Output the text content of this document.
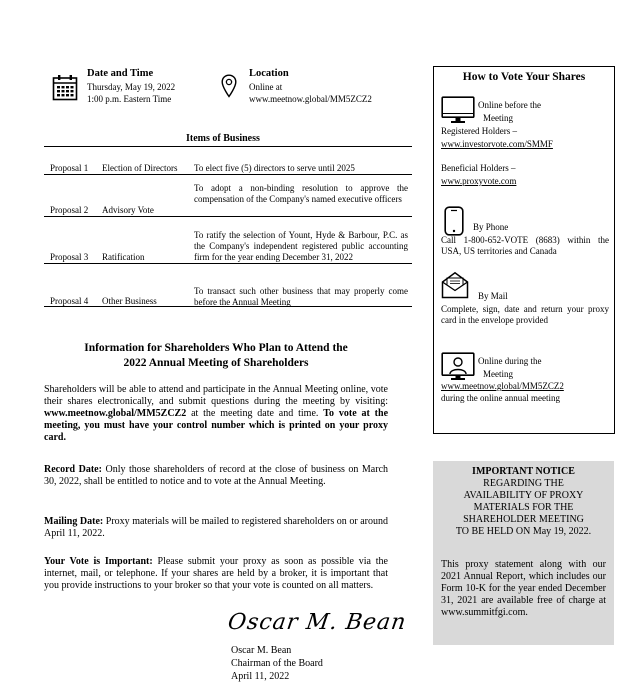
Date and Time
Thursday, May 19, 2022
1:00 p.m. Eastern Time
Location
Online at
www.meetnow.global/MM5ZCZ2
Items of Business
Proposal 1 Election of Directors To elect five (5) directors to serve until 2025
To adopt a non-binding resolution to approve the compensation of the Company's named executive officers
Proposal 2 Advisory Vote
To ratify the selection of Yount, Hyde & Barbour, P.C. as the Company's independent registered public accounting firm for the year ending December 31, 2022
Proposal 3 Ratification
To transact such other business that may properly come before the Annual Meeting
Proposal 4 Other Business
Information for Shareholders Who Plan to Attend the
2022 Annual Meeting of Shareholders
Shareholders will be able to attend and participate in the Annual Meeting online, vote their shares electronically, and submit questions during the meeting by visiting: www.meetnow.global/MM5ZCZ2 at the meeting date and time. To vote at the meeting, you must have your control number which is printed on your proxy card.
Record Date: Only those shareholders of record at the close of business on March 30, 2022, shall be entitled to notice and to vote at the Annual Meeting.
Mailing Date: Proxy materials will be mailed to registered shareholders on or around April 11, 2022.
Your Vote is Important: Please submit your proxy as soon as possible via the internet, mail, or telephone. If your shares are held by a broker, it is important that you provide instructions to your broker so that your vote is counted on all matters.
Oscar M. Bean
Oscar M. Bean
Chairman of the Board
April 11, 2022
How to Vote Your Shares
Online before the
Meeting
Registered Holders –
www.investorvote.com/SMMF
Beneficial Holders –
www.proxyvote.com
By Phone
Call 1-800-652-VOTE (8683) within the USA, US territories and Canada
By Mail
Complete, sign, date and return your proxy card in the envelope provided
Online during the
Meeting
www.meetnow.global/MM5ZCZ2
during the online annual meeting
IMPORTANT NOTICE
REGARDING THE
AVAILABILITY OF PROXY
MATERIALS FOR THE
SHAREHOLDER MEETING
TO BE HELD ON May 19, 2022.
This proxy statement along with our 2021 Annual Report, which includes our Form 10-K for the year ended December 31, 2021 are available free of charge at www.summitfgi.com.
